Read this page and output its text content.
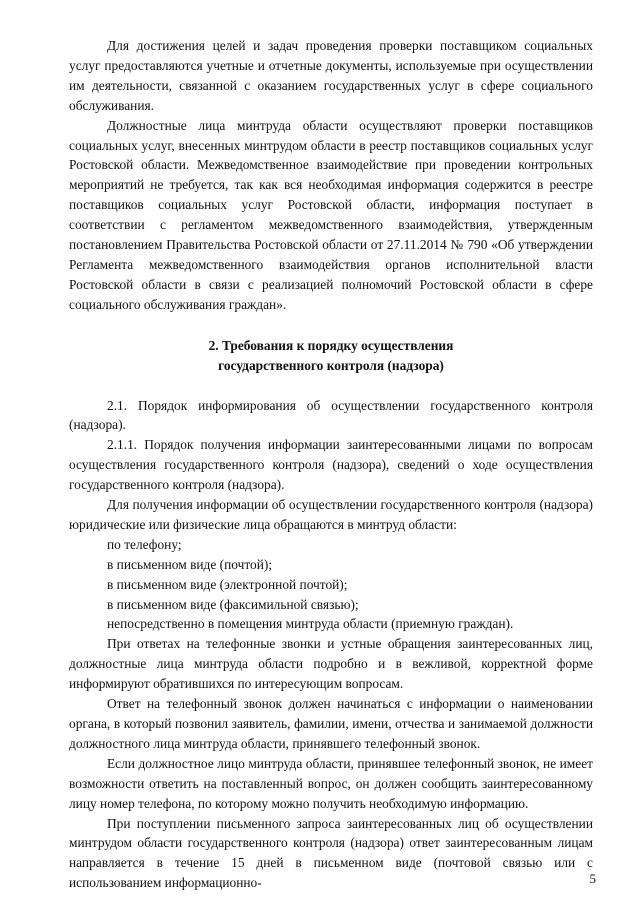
Для достижения целей и задач проведения проверки поставщиком социальных услуг предоставляются учетные и отчетные документы, используемые при осуществлении им деятельности, связанной с оказанием государственных услуг в сфере социального обслуживания.

Должностные лица минтруда области осуществляют проверки поставщиков социальных услуг, внесенных минтрудом области в реестр поставщиков социальных услуг Ростовской области. Межведомственное взаимодействие при проведении контрольных мероприятий не требуется, так как вся необходимая информация содержится в реестре поставщиков социальных услуг Ростовской области, информация поступает в соответствии с регламентом межведомственного взаимодействия, утвержденным постановлением Правительства Ростовской области от 27.11.2014 № 790 «Об утверждении Регламента межведомственного взаимодействия органов исполнительной власти Ростовской области в связи с реализацией полномочий Ростовской области в сфере социального обслуживания граждан».

2. Требования к порядку осуществления
государственного контроля (надзора)

2.1. Порядок информирования об осуществлении государственного контроля (надзора).

2.1.1. Порядок получения информации заинтересованными лицами по вопросам осуществления государственного контроля (надзора), сведений о ходе осуществления государственного контроля (надзора).

Для получения информации об осуществлении государственного контроля (надзора) юридические или физические лица обращаются в минтруд области:

по телефону;

в письменном виде (почтой);

в письменном виде (электронной почтой);

в письменном виде (факсимильной связью);

непосредственно в помещения минтруда области (приемную граждан).

При ответах на телефонные звонки и устные обращения заинтересованных лиц, должностные лица минтруда области подробно и в вежливой, корректной форме информируют обратившихся по интересующим вопросам.

Ответ на телефонный звонок должен начинаться с информации о наименовании органа, в который позвонил заявитель, фамилии, имени, отчества и занимаемой должности должностного лица минтруда области, принявшего телефонный звонок.

Если должностное лицо минтруда области, принявшее телефонный звонок, не имеет возможности ответить на поставленный вопрос, он должен сообщить заинтересованному лицу номер телефона, по которому можно получить необходимую информацию.

При поступлении письменного запроса заинтересованных лиц об осуществлении минтрудом области государственного контроля (надзора) ответ заинтересованным лицам направляется в течение 15 дней в письменном виде (почтовой связью или с использованием информационно-	5
